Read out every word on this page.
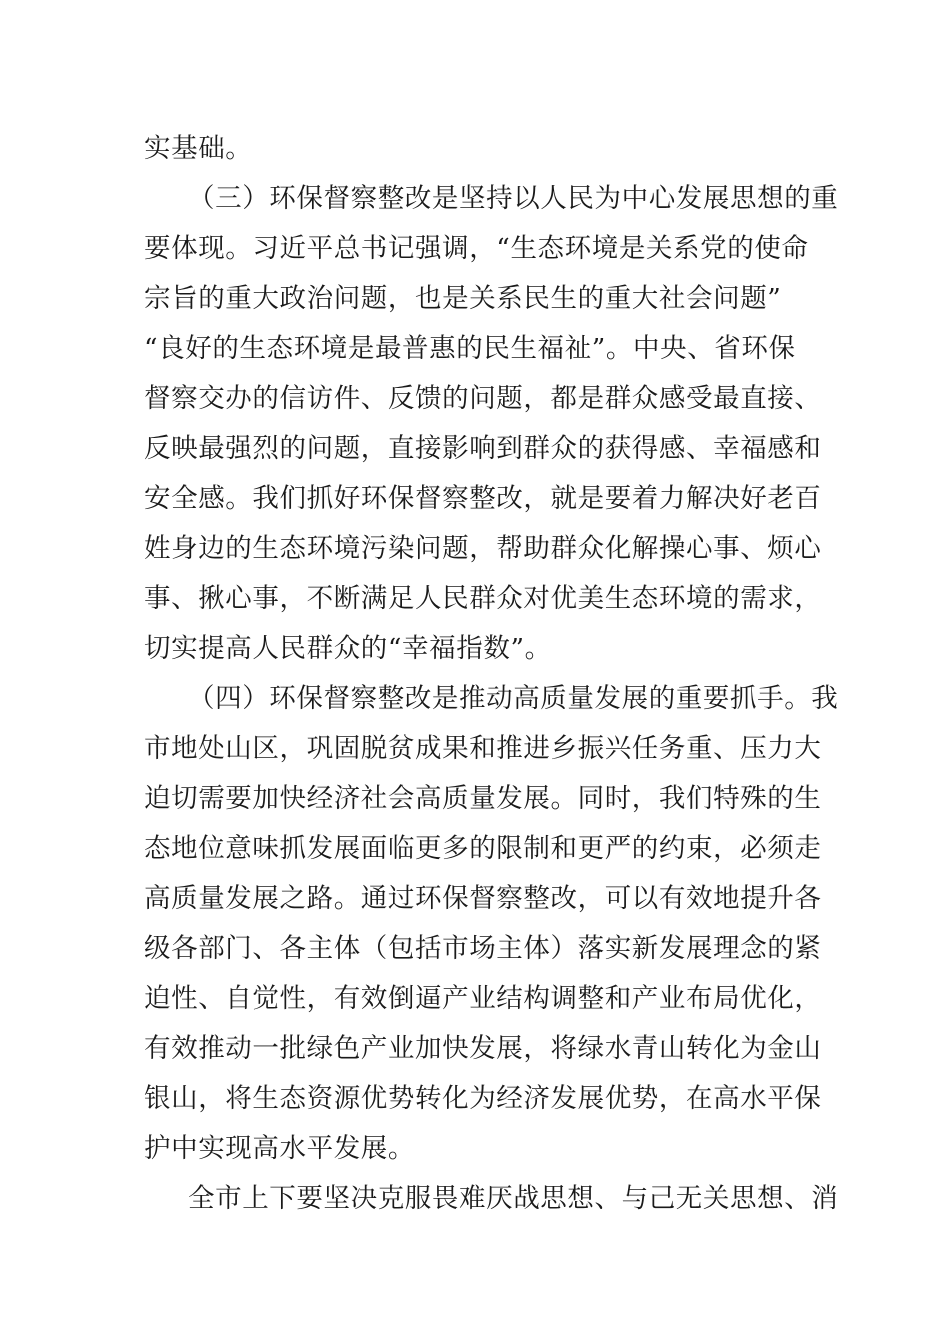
实基础。
（三）环保督察整改是坚持以人民为中心发展思想的重
要体现。习近平总书记强调，“生态环境是关系党的使命
宗旨的重大政治问题，也是关系民生的重大社会问题”
“良好的生态环境是最普惠的民生福祉”。中央、省环保
督察交办的信访件、反馈的问题，都是群众感受最直接、
反映最强烈的问题，直接影响到群众的获得感、幸福感和
安全感。我们抓好环保督察整改，就是要着力解决好老百
姓身边的生态环境污染问题，帮助群众化解操心事、烦心
事、揪心事，不断满足人民群众对优美生态环境的需求，
切实提高人民群众的“幸福指数”。
（四）环保督察整改是推动高质量发展的重要抓手。我
市地处山区，巩固脱贫成果和推进乡振兴任务重、压力大
迫切需要加快经济社会高质量发展。同时，我们特殊的生
态地位意味抓发展面临更多的限制和更严的约束，必须走
高质量发展之路。通过环保督察整改，可以有效地提升各
级各部门、各主体（包括市场主体）落实新发展理念的紧
迫性、自觉性，有效倒逼产业结构调整和产业布局优化，
有效推动一批绿色产业加快发展，将绿水青山转化为金山
银山，将生态资源优势转化为经济发展优势，在高水平保
护中实现高水平发展。
全市上下要坚决克服畏难厌战思想、与己无关思想、消
